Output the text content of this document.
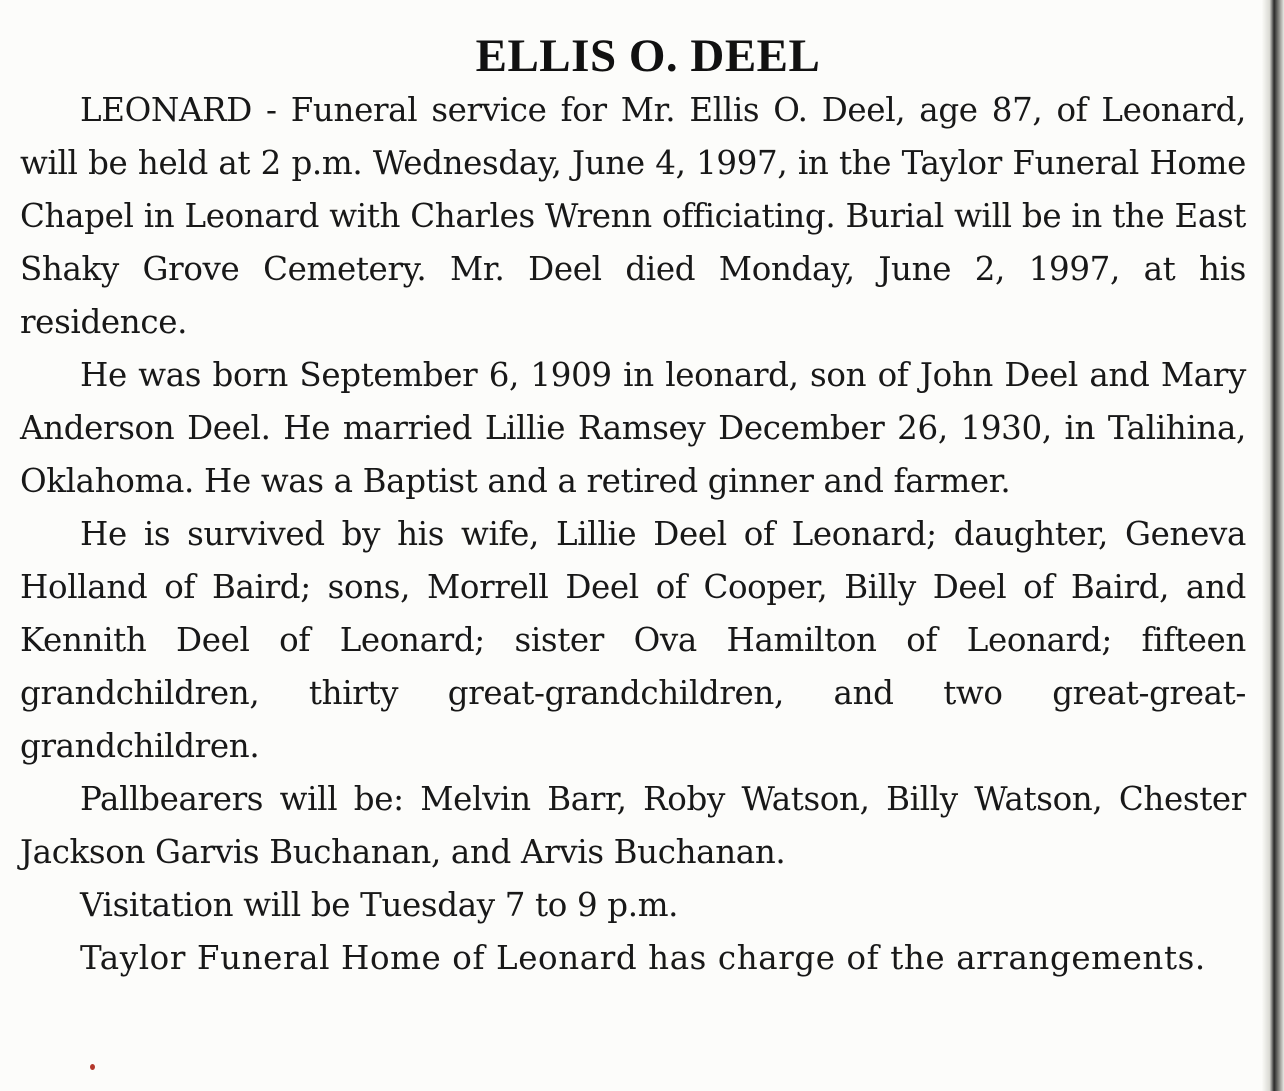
ELLIS O. DEEL

LEONARD - Funeral service for Mr. Ellis O. Deel, age 87, of Leonard, will be held at 2 p.m. Wednesday, June 4, 1997, in the Taylor Funeral Home Chapel in Leonard with Charles Wrenn officiating. Burial will be in the East Shaky Grove Cemetery. Mr. Deel died Monday, June 2, 1997, at his residence.

He was born September 6, 1909 in leonard, son of John Deel and Mary Anderson Deel. He married Lillie Ramsey December 26, 1930, in Talihina, Oklahoma. He was a Baptist and a retired ginner and farmer.

He is survived by his wife, Lillie Deel of Leonard; daughter, Geneva Holland of Baird; sons, Morrell Deel of Cooper, Billy Deel of Baird, and Kennith Deel of Leonard; sister Ova Hamilton of Leonard; fifteen grandchildren, thirty great-grandchildren, and two great-great-grandchildren.

Pallbearers will be: Melvin Barr, Roby Watson, Billy Watson, Chester Jackson Garvis Buchanan, and Arvis Buchanan.

Visitation will be Tuesday 7 to 9 p.m.

Taylor Funeral Home of Leonard has charge of the arrangements.
